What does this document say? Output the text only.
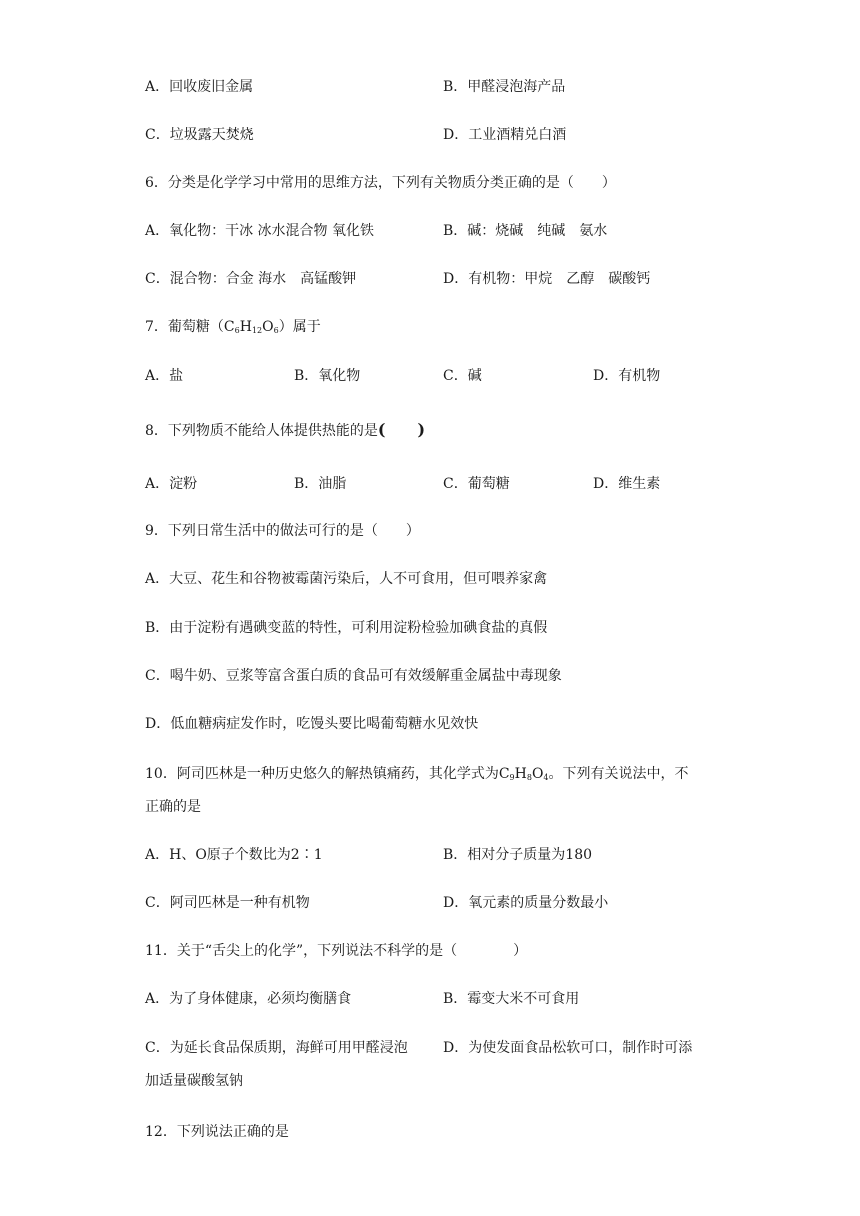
A．回收废旧金属	B．甲醛浸泡海产品
C．垃圾露天焚烧	D．工业酒精兑白酒
6．分类是化学学习中常用的思维方法，下列有关物质分类正确的是（　　）
A．氧化物：干冰 冰水混合物 氧化铁	B．碱：烧碱　纯碱　氨水
C．混合物：合金 海水　高锰酸钾	D．有机物：甲烷　乙醇　碳酸钙
7．葡萄糖$(C_6H_{12}O_6)$属于
A．盐	B．氧化物	C．碱	D．有机物
8．下列物质不能给人体提供热能的是(　　)
A．淀粉	B．油脂	C．葡萄糖	D．维生素
9．下列日常生活中的做法可行的是（　　）
A．大豆、花生和谷物被霉菌污染后，人不可食用，但可喂养家禽
B．由于淀粉有遇碘变蓝的特性，可利用淀粉检验加碘食盐的真假
C．喝牛奶、豆浆等富含蛋白质的食品可有效缓解重金属盐中毒现象
D．低血糖病症发作时，吃馒头要比喝葡萄糖水见效快
10．阿司匹林是一种历史悠久的解热镇痛药，其化学式为$C_9H_8O_4$。下列有关说法中，不
正确的是
A．H、O原子个数比为2∶1	B．相对分子质量为180
C．阿司匹林是一种有机物	D．氧元素的质量分数最小
11．关于“舌尖上的化学”，下列说法不科学的是（　　　　）
A．为了身体健康，必须均衡膳食	B．霉变大米不可食用
C．为延长食品保质期，海鲜可用甲醛浸泡	D．为使发面食品松软可口，制作时可添
加适量碳酸氢钠
12．下列说法正确的是
